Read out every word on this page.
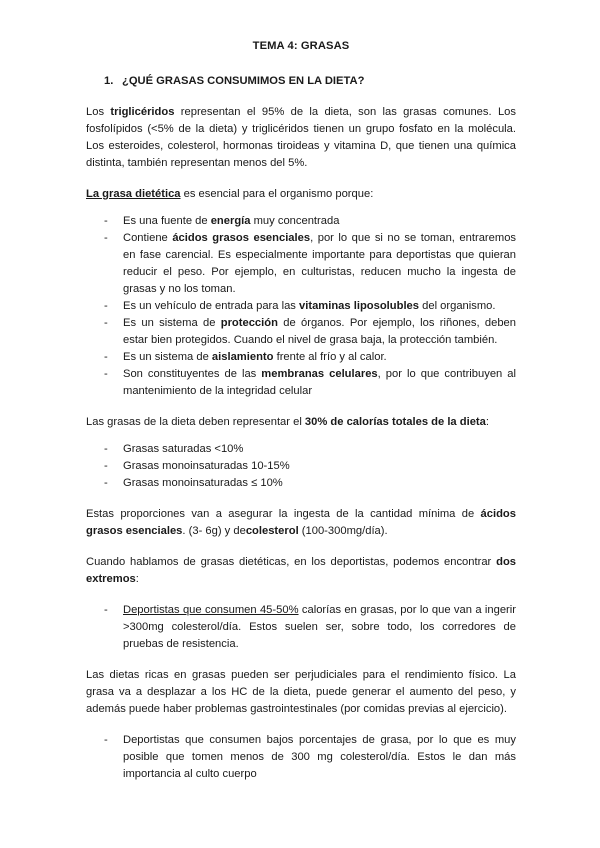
TEMA 4: GRASAS
1. ¿QUÉ GRASAS CONSUMIMOS EN LA DIETA?

Los triglicéridos representan el 95% de la dieta, son las grasas comunes. Los fosfolípidos (<5% de la dieta) y triglicéridos tienen un grupo fosfato en la molécula. Los esteroides, colesterol, hormonas tiroideas y vitamina D, que tienen una química distinta, también representan menos del 5%.

La grasa dietética es esencial para el organismo porque:

- Es una fuente de energía muy concentrada
- Contiene ácidos grasos esenciales, por lo que si no se toman, entraremos en fase carencial. Es especialmente importante para deportistas que quieran reducir el peso. Por ejemplo, en culturistas, reducen mucho la ingesta de grasas y no los toman.
- Es un vehículo de entrada para las vitaminas liposolubles del organismo.
- Es un sistema de protección de órganos. Por ejemplo, los riñones, deben estar bien protegidos. Cuando el nivel de grasa baja, la protección también.
- Es un sistema de aislamiento frente al frío y al calor.
- Son constituyentes de las membranas celulares, por lo que contribuyen al mantenimiento de la integridad celular

Las grasas de la dieta deben representar el 30% de calorías totales de la dieta:

- Grasas saturadas <10%
- Grasas monoinsaturadas 10-15%
- Grasas monoinsaturadas ≤ 10%

Estas proporciones van a asegurar la ingesta de la cantidad mínima de ácidos grasos esenciales. (3- 6g) y decolesterol (100-300mg/día).

Cuando hablamos de grasas dietéticas, en los deportistas, podemos encontrar dos extremos:

- Deportistas que consumen 45-50% calorías en grasas, por lo que van a ingerir >300mg colesterol/día. Estos suelen ser, sobre todo, los corredores de pruebas de resistencia.

Las dietas ricas en grasas pueden ser perjudiciales para el rendimiento físico. La grasa va a desplazar a los HC de la dieta, puede generar el aumento del peso, y además puede haber problemas gastrointestinales (por comidas previas al ejercicio).

- Deportistas que consumen bajos porcentajes de grasa, por lo que es muy posible que tomen menos de 300 mg colesterol/día. Estos le dan más importancia al culto cuerpo
